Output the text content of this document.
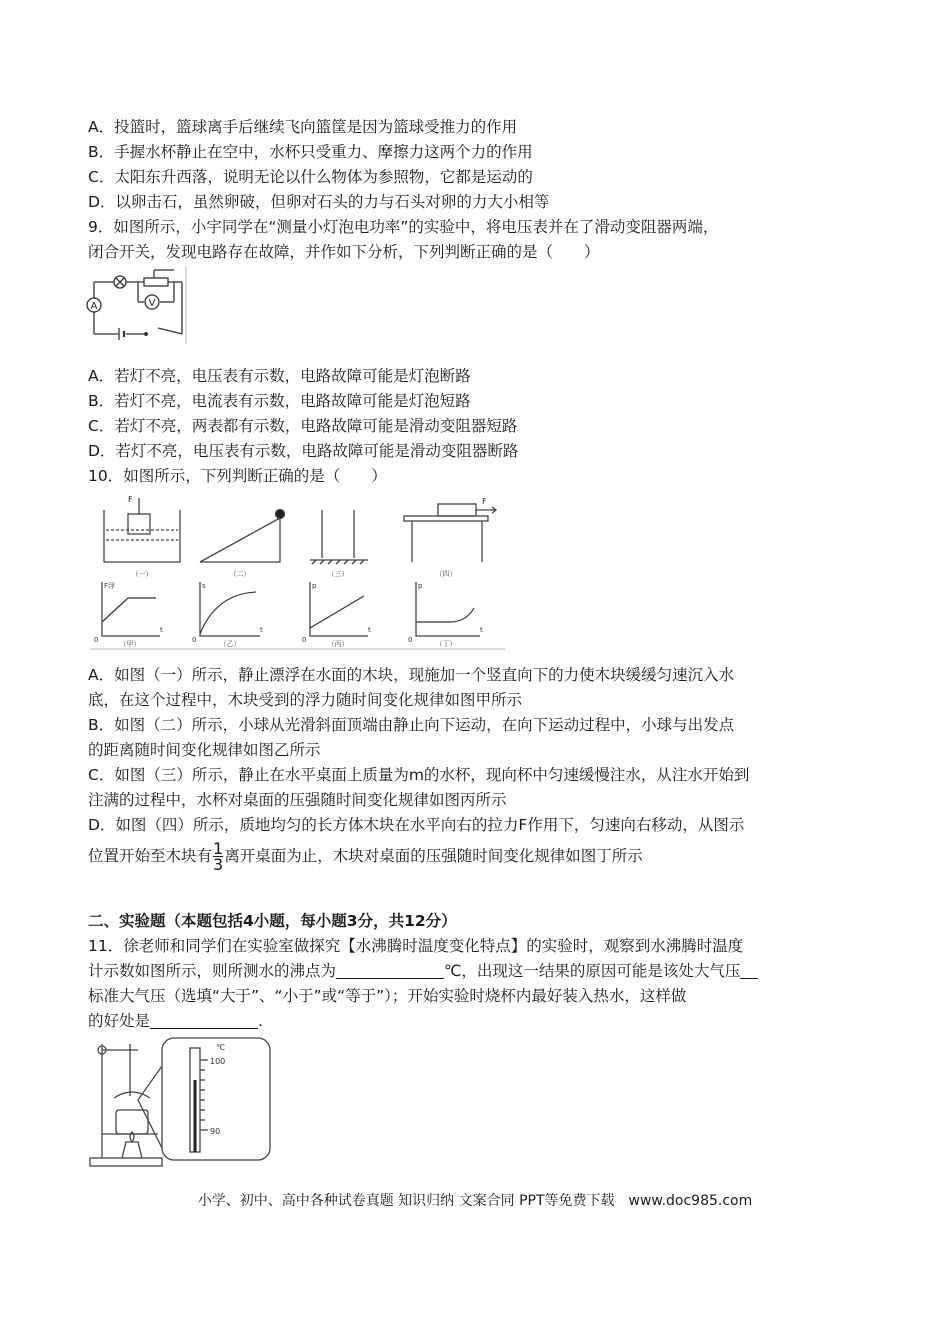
A．投篮时，篮球离手后继续飞向篮筐是因为篮球受推力的作用
B．手握水杯静止在空中，水杯只受重力、摩擦力这两个力的作用
C．太阳东升西落，说明无论以什么物体为参照物，它都是运动的
D．以卵击石，虽然卵破，但卵对石头的力与石头对卵的力大小相等
9．如图所示，小宇同学在“测量小灯泡电功率”的实验中，将电压表并在了滑动变阻器两端，
闭合开关，发现电路存在故障，并作如下分析，下列判断正确的是（　　）
A	V
A．若灯不亮，电压表有示数，电路故障可能是灯泡断路
B．若灯不亮，电流表有示数，电路故障可能是灯泡短路
C．若灯不亮，两表都有示数，电路故障可能是滑动变阻器短路
D．若灯不亮，电压表有示数，电路故障可能是滑动变阻器断路
10．如图所示，下列判断正确的是（　　）
F	F
（一）	（二）	（三）	（四）
（甲）	（乙）	（丙）	（丁）
F浮	s	p	p
t	t	t	t
0	0	0	0
A．如图（一）所示，静止漂浮在水面的木块，现施加一个竖直向下的力使木块缓缓匀速沉入水
底，在这个过程中，木块受到的浮力随时间变化规律如图甲所示
B．如图（二）所示，小球从光滑斜面顶端由静止向下运动，在向下运动过程中，小球与出发点
的距离随时间变化规律如图乙所示
C．如图（三）所示，静止在水平桌面上质量为m的水杯，现向杯中匀速缓慢注水，从注水开始到
注满的过程中，水杯对桌面的压强随时间变化规律如图丙所示
D．如图（四）所示，质地均匀的长方体木块在水平向右的拉力F作用下，匀速向右移动，从图示
位置开始至木块有 $\frac{1}{3}$ 离开桌面为止，木块对桌面的压强随时间变化规律如图丁所示
二、实验题（本题包括4小题，每小题3分，共12分）
11．徐老师和同学们在实验室做探究【水沸腾时温度变化特点】的实验时，观察到水沸腾时温度
计示数如图所示，则所测水的沸点为	℃，出现这一结果的原因可能是该处大气压
标准大气压（选填“大于”、“小于”或“等于”）；开始实验时烧杯内最好装入热水，这样做
的好处是	.
℃
100
90
小学、初中、高中各种试卷真题 知识归纳 文案合同 PPT等免费下载　www.doc985.com
